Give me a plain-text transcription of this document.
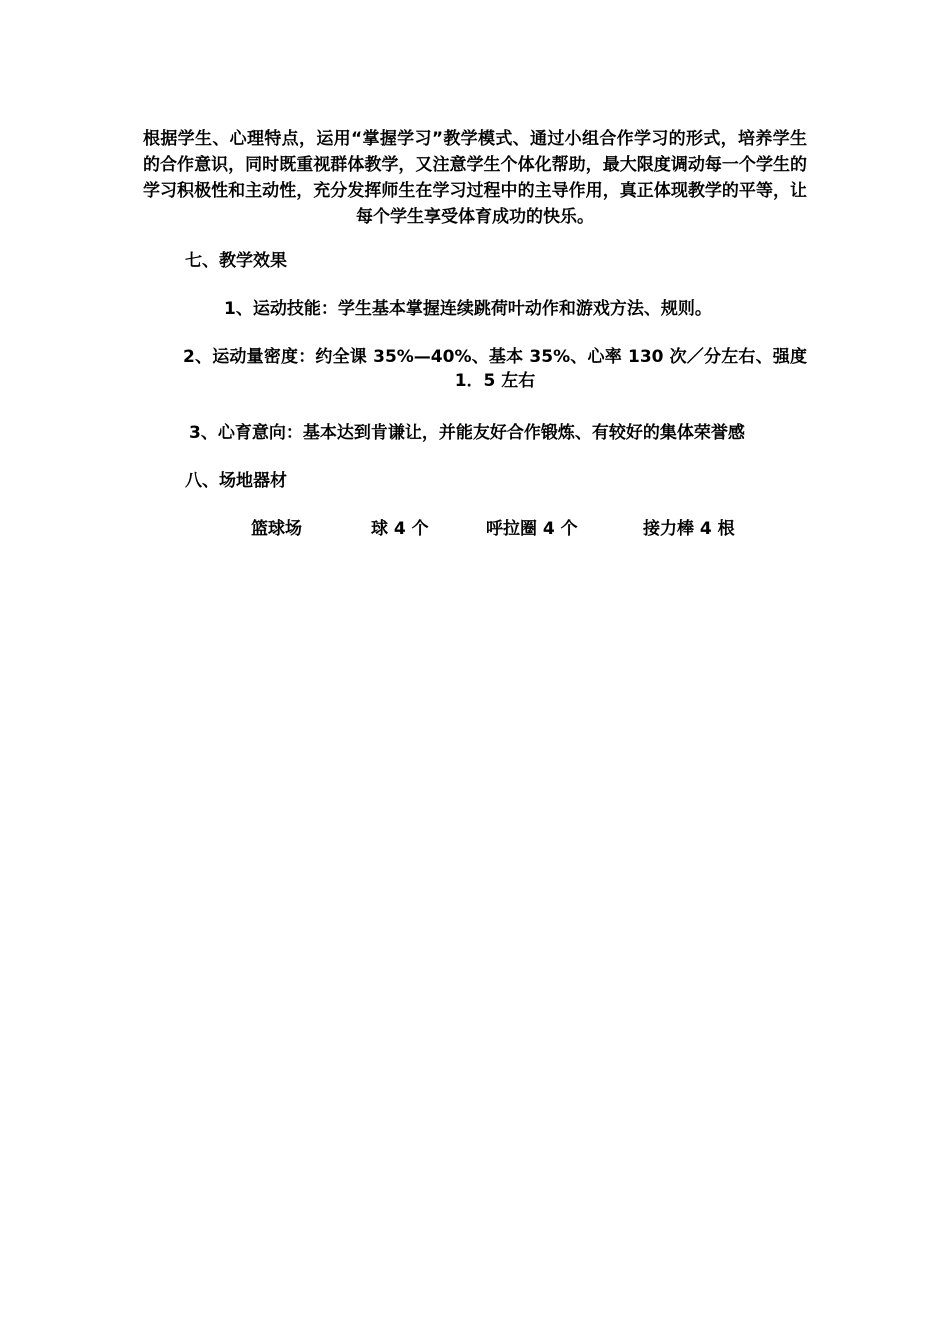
根据学生、心理特点，运用“掌握学习”教学模式、通过小组合作学习的形式，培养学生的合作意识，同时既重视群体教学，又注意学生个体化帮助，最大限度调动每一个学生的学习积极性和主动性，充分发挥师生在学习过程中的主导作用，真正体现教学的平等，让每个学生享受体育成功的快乐。
七、教学效果
1、运动技能：学生基本掌握连续跳荷叶动作和游戏方法、规则。
2、运动量密度：约全课 35%—40%、基本 35%、心率 130 次／分左右、强度 1．5 左右
3、心育意向：基本达到肯谦让，并能友好合作锻炼、有较好的集体荣誉感
八、场地器材
篮球场	球 4 个	呼拉圈 4 个	接力棒 4 根
